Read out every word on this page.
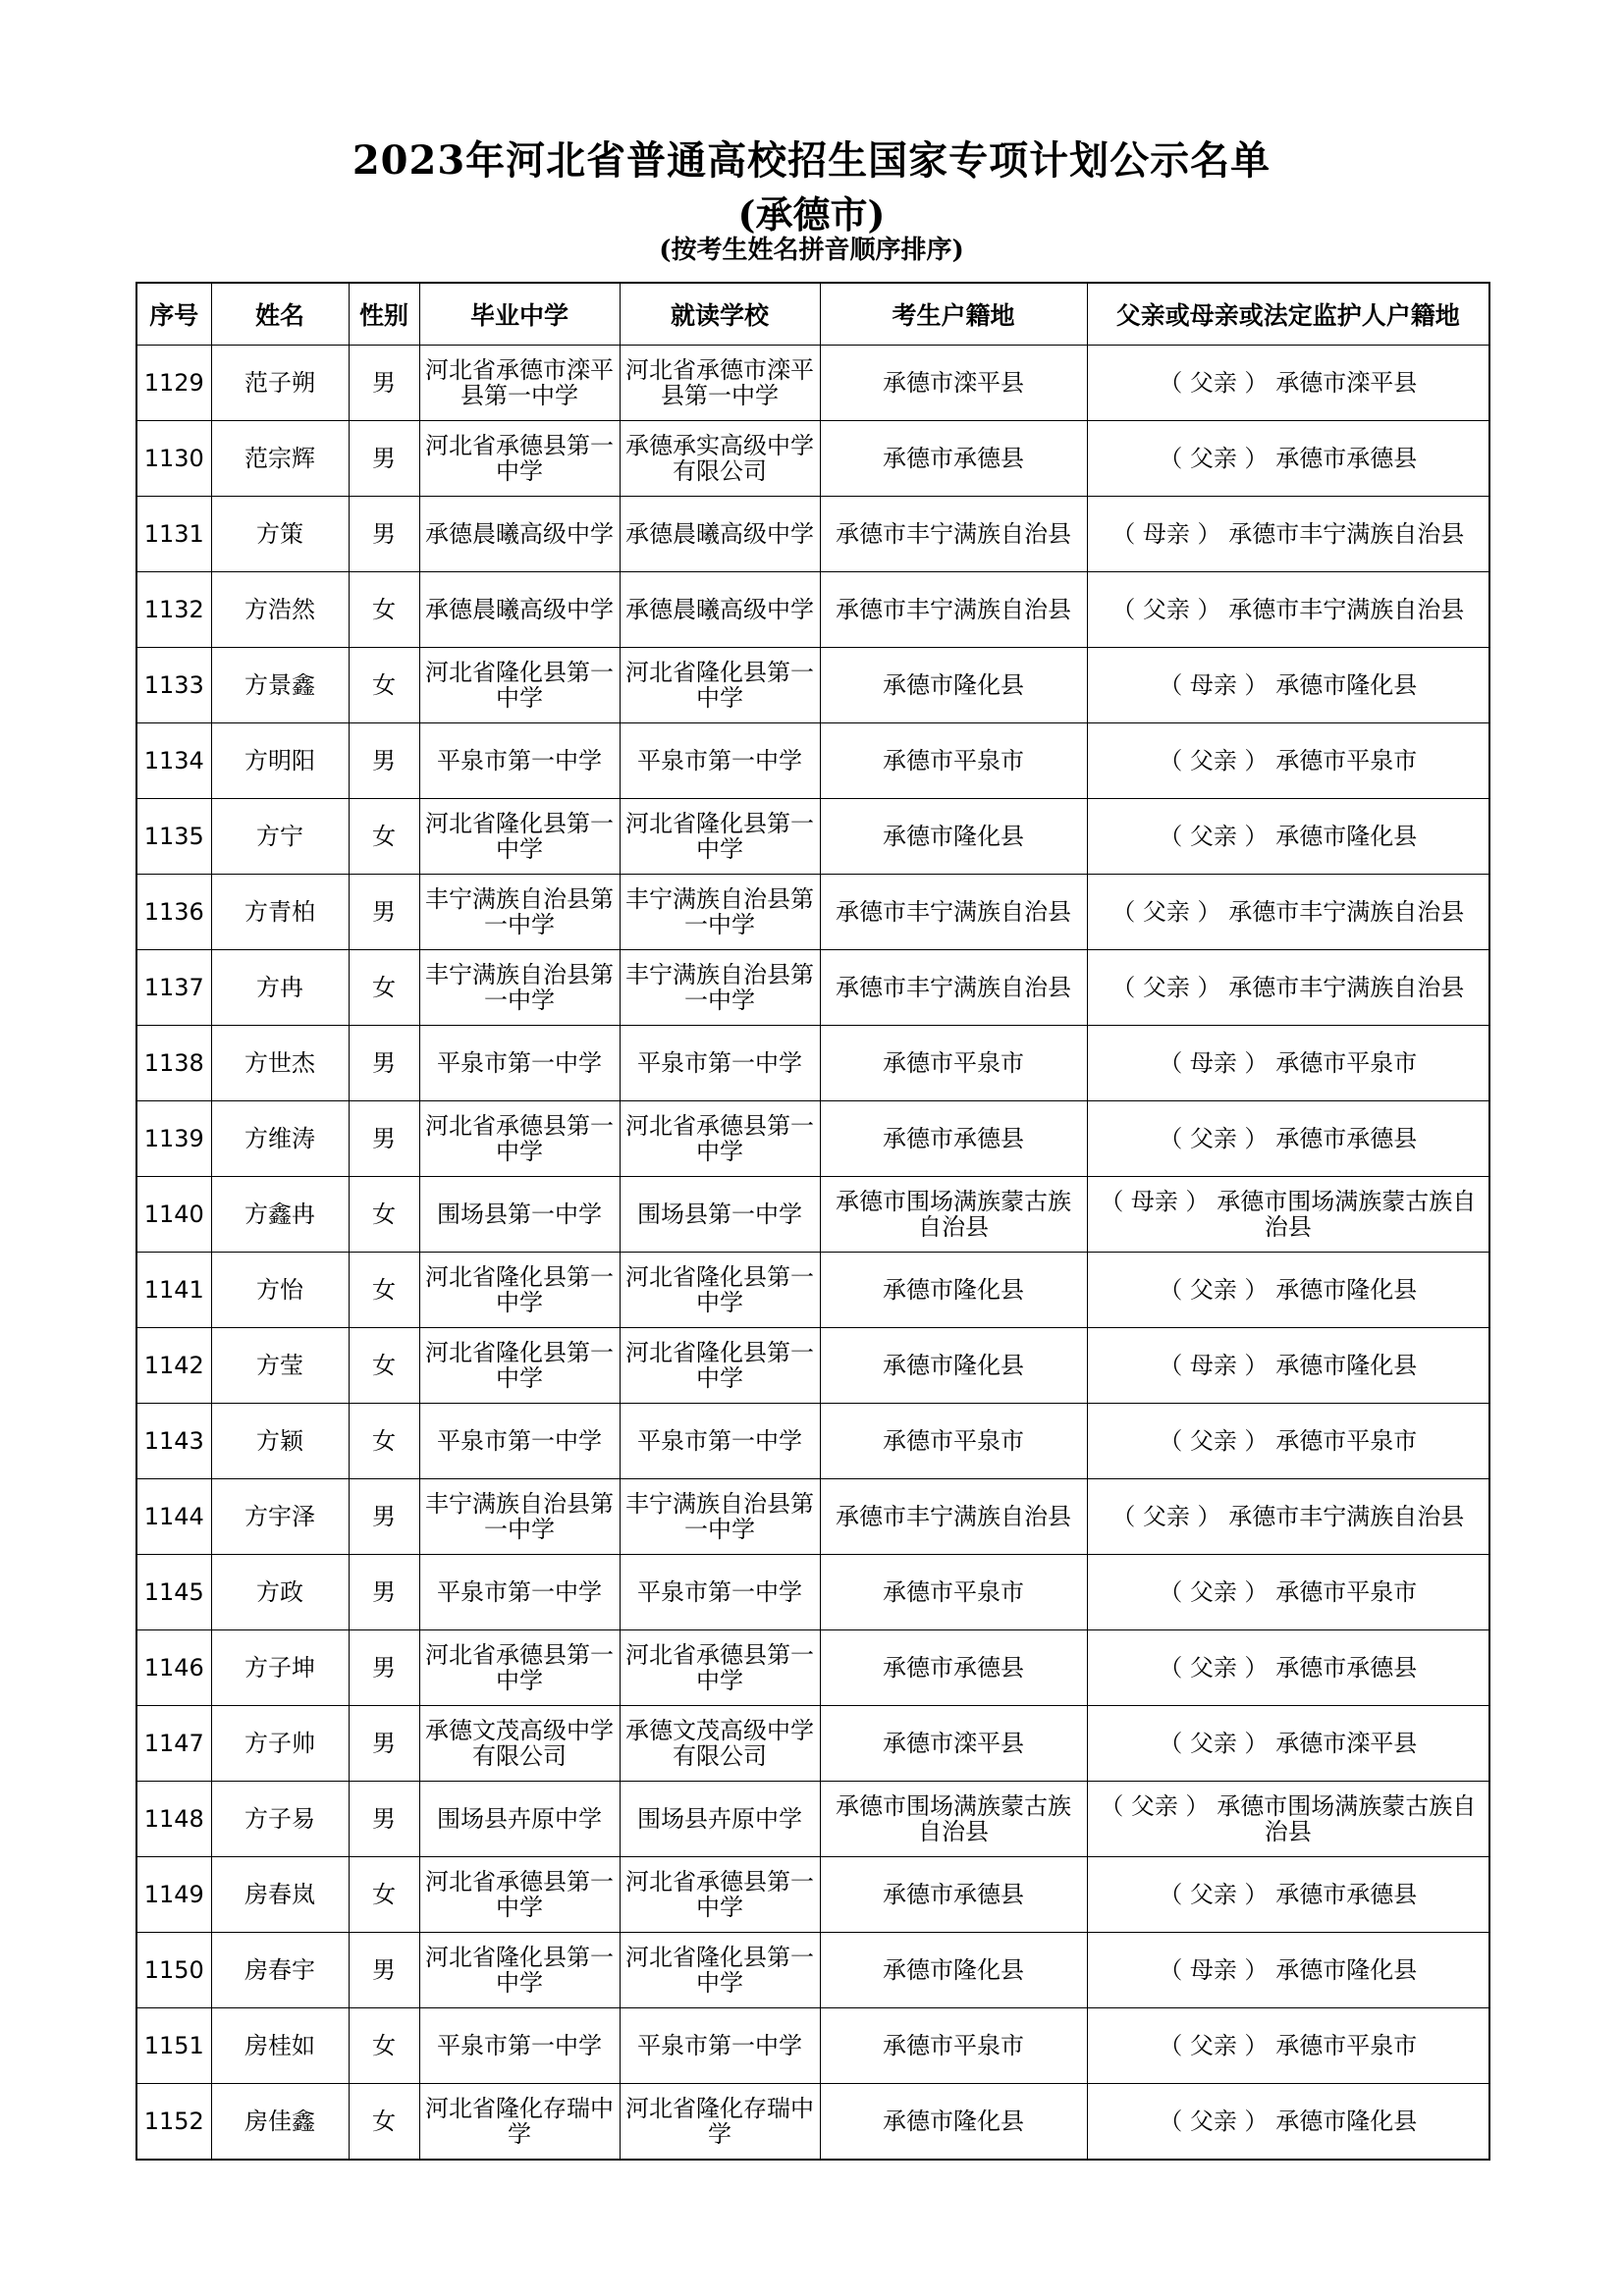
2023年河北省普通高校招生国家专项计划公示名单
(承德市)
(按考生姓名拼音顺序排序)
序号	姓名	性别	毕业中学	就读学校	考生户籍地	父亲或母亲或法定监护人户籍地
1129	范子朔	男	河北省承德市滦平县第一中学	河北省承德市滦平县第一中学	承德市滦平县	（ 父亲 ） 承德市滦平县
1130	范宗辉	男	河北省承德县第一中学	承德承实高级中学有限公司	承德市承德县	（ 父亲 ） 承德市承德县
1131	方策	男	承德晨曦高级中学	承德晨曦高级中学	承德市丰宁满族自治县	（ 母亲 ） 承德市丰宁满族自治县
1132	方浩然	女	承德晨曦高级中学	承德晨曦高级中学	承德市丰宁满族自治县	（ 父亲 ） 承德市丰宁满族自治县
1133	方景鑫	女	河北省隆化县第一中学	河北省隆化县第一中学	承德市隆化县	（ 母亲 ） 承德市隆化县
1134	方明阳	男	平泉市第一中学	平泉市第一中学	承德市平泉市	（ 父亲 ） 承德市平泉市
1135	方宁	女	河北省隆化县第一中学	河北省隆化县第一中学	承德市隆化县	（ 父亲 ） 承德市隆化县
1136	方青柏	男	丰宁满族自治县第一中学	丰宁满族自治县第一中学	承德市丰宁满族自治县	（ 父亲 ） 承德市丰宁满族自治县
1137	方冉	女	丰宁满族自治县第一中学	丰宁满族自治县第一中学	承德市丰宁满族自治县	（ 父亲 ） 承德市丰宁满族自治县
1138	方世杰	男	平泉市第一中学	平泉市第一中学	承德市平泉市	（ 母亲 ） 承德市平泉市
1139	方维涛	男	河北省承德县第一中学	河北省承德县第一中学	承德市承德县	（ 父亲 ） 承德市承德县
1140	方鑫冉	女	围场县第一中学	围场县第一中学	承德市围场满族蒙古族自治县	（ 母亲 ） 承德市围场满族蒙古族自治县
1141	方怡	女	河北省隆化县第一中学	河北省隆化县第一中学	承德市隆化县	（ 父亲 ） 承德市隆化县
1142	方莹	女	河北省隆化县第一中学	河北省隆化县第一中学	承德市隆化县	（ 母亲 ） 承德市隆化县
1143	方颖	女	平泉市第一中学	平泉市第一中学	承德市平泉市	（ 父亲 ） 承德市平泉市
1144	方宇泽	男	丰宁满族自治县第一中学	丰宁满族自治县第一中学	承德市丰宁满族自治县	（ 父亲 ） 承德市丰宁满族自治县
1145	方政	男	平泉市第一中学	平泉市第一中学	承德市平泉市	（ 父亲 ） 承德市平泉市
1146	方子坤	男	河北省承德县第一中学	河北省承德县第一中学	承德市承德县	（ 父亲 ） 承德市承德县
1147	方子帅	男	承德文茂高级中学有限公司	承德文茂高级中学有限公司	承德市滦平县	（ 父亲 ） 承德市滦平县
1148	方子易	男	围场县卉原中学	围场县卉原中学	承德市围场满族蒙古族自治县	（ 父亲 ） 承德市围场满族蒙古族自治县
1149	房春岚	女	河北省承德县第一中学	河北省承德县第一中学	承德市承德县	（ 父亲 ） 承德市承德县
1150	房春宇	男	河北省隆化县第一中学	河北省隆化县第一中学	承德市隆化县	（ 母亲 ） 承德市隆化县
1151	房桂如	女	平泉市第一中学	平泉市第一中学	承德市平泉市	（ 父亲 ） 承德市平泉市
1152	房佳鑫	女	河北省隆化存瑞中学	河北省隆化存瑞中学	承德市隆化县	（ 父亲 ） 承德市隆化县
